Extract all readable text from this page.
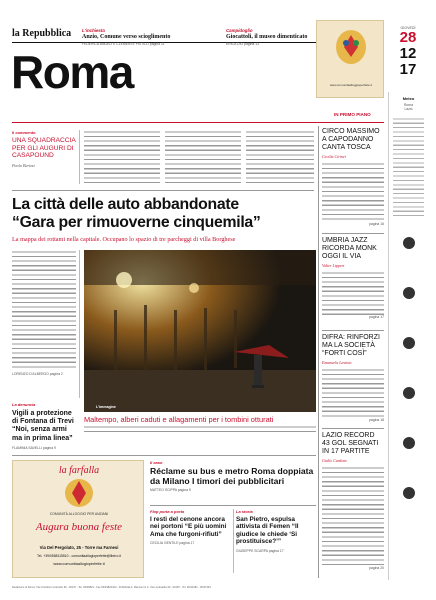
la Repubblica L'inchiesta
Anzio, Comune verso scioglimento
FEDERICA ANGELI E CLEMENTE PISTILLI pagina 11
Campidoglio
Giocattoli, il museo dimenticato
ERICA DIO pagina 13
Roma
GIOVEDÌ
28
12
17
www.comunitaalloggioperfette.it
IN PRIMO PIANO
Il commento
UNA SQUADRACCIA PER GLI AUGURI DI CASAPOUND
Paolo Berizzi
La città delle auto abbandonate
“Gara per rimuoverne cinquemila”
La mappa dei rottami nella capitale. Occupano lo spazio di tre parcheggi di villa Borghese
LORENZO D'ALBERGO pagina 2
L'immagine
Maltempo, alberi caduti e allagamenti per i tombini otturati
La denuncia
Vigili a protezione di Fontana di Trevi “Noi, senza armi ma in prima linea”
FLAMINIA SAVELLI pagina 9
CIRCO MASSIMO A CAPODANNO CANTA TOSCA
Cecilia Cirinei
pagina 16
UMBRIA JAZZ RICORDA MONK OGGI IL VIA
Valter Lippert
pagina 17
DIFRA: RINFORZI MA LA SOCIETÀ “FORTI COSÌ”
Emanuela Lavinia
pagina 18
LAZIO RECORD 43 GOL SEGNATI IN 17 PARTITE
Giulio Cardone
pagina 20
Meteo
Roma
Lazio
la farfalla
COMUNITÀ ALLOGGIO PER ANZIANI
Augura buona feste
Via Del Pergolato, 25 - Torre ma Farnesi
Tel. +39/0588115510 - comunitaallogioperfette@libero.it
www.comunitaallogioperfette.it
Il caso
Réclame su bus e metro Roma doppiata da Milano I timori dei pubblicitari
MATTEO SCIPPA pagina 9
Flop porta a porta
I resti del cenone ancora nei portoni “E più uomini Ama che furgoni-rifiuti”
CECILIA GENTILE pagina 17
La storia
San Pietro, espulsa attivista di Femen “Il giudice le chiede ‘Si prostituisce?’”
GIUSEPPE SCARPA pagina 17
Redazione di Roma: Via Cristoforo Colombo 90 - 00147 - Tel. 06/49821 - Fax 06/49822423 - Pubblicità A. Manzoni & C. Via Lombardia 39 - 00187 - Tel. 06/41081 - 06/47491
